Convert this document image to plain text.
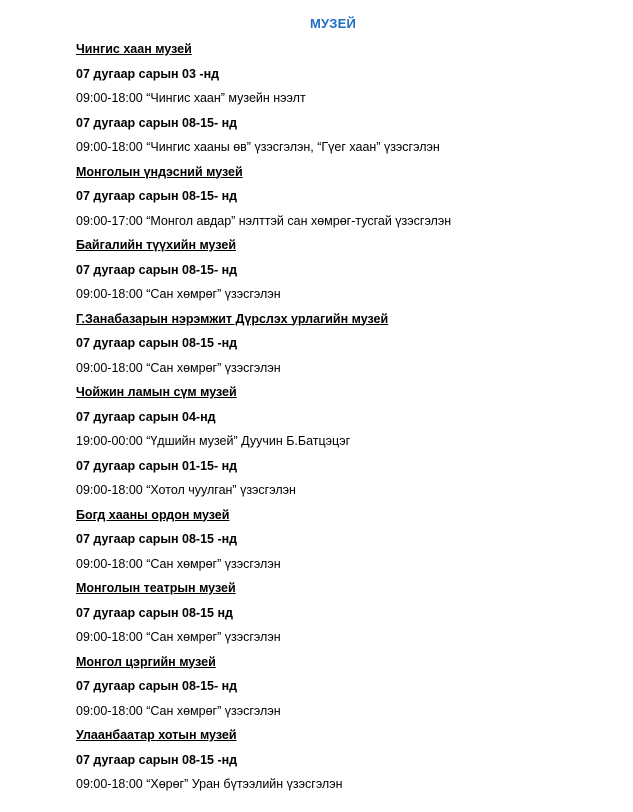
МУЗЕЙ
Чингис хаан музей
07 дугаар сарын 03 -нд
09:00-18:00 “Чингис хаан” музейн нээлт
07 дугаар сарын 08-15- нд
09:00-18:00 “Чингис хааны өв” үзэсгэлэн, “Гүег хаан” үзэсгэлэн
Монголын үндэсний музей
07 дугаар сарын 08-15- нд
09:00-17:00 “Монгол авдар” нэлттэй сан хөмрөг-тусгай үзэсгэлэн
Байгалийн түүхийн музей
07 дугаар сарын 08-15- нд
09:00-18:00 “Сан хөмрөг” үзэсгэлэн
Г.Занабазарын нэрэмжит Дүрслэх урлагийн музей
07 дугаар сарын 08-15 -нд
09:00-18:00 “Сан хөмрөг” үзэсгэлэн
Чойжин ламын сүм музей
07 дугаар сарын 04-нд
19:00-00:00 “Үдшийн музей” Дуучин Б.Батцэцэг
07 дугаар сарын 01-15- нд
09:00-18:00 “Хотол чуулган” үзэсгэлэн
Богд хааны ордон музей
07 дугаар сарын 08-15 -нд
09:00-18:00 “Сан хөмрөг” үзэсгэлэн
Монголын театрын музей
07 дугаар сарын 08-15 нд
09:00-18:00 “Сан хөмрөг” үзэсгэлэн
Монгол цэргийн музей
07 дугаар сарын 08-15- нд
09:00-18:00 “Сан хөмрөг” үзэсгэлэн
Улаанбаатар хотын музей
07 дугаар сарын 08-15 -нд
09:00-18:00 “Хөрөг” Уран бүтээлийн үзэсгэлэн
